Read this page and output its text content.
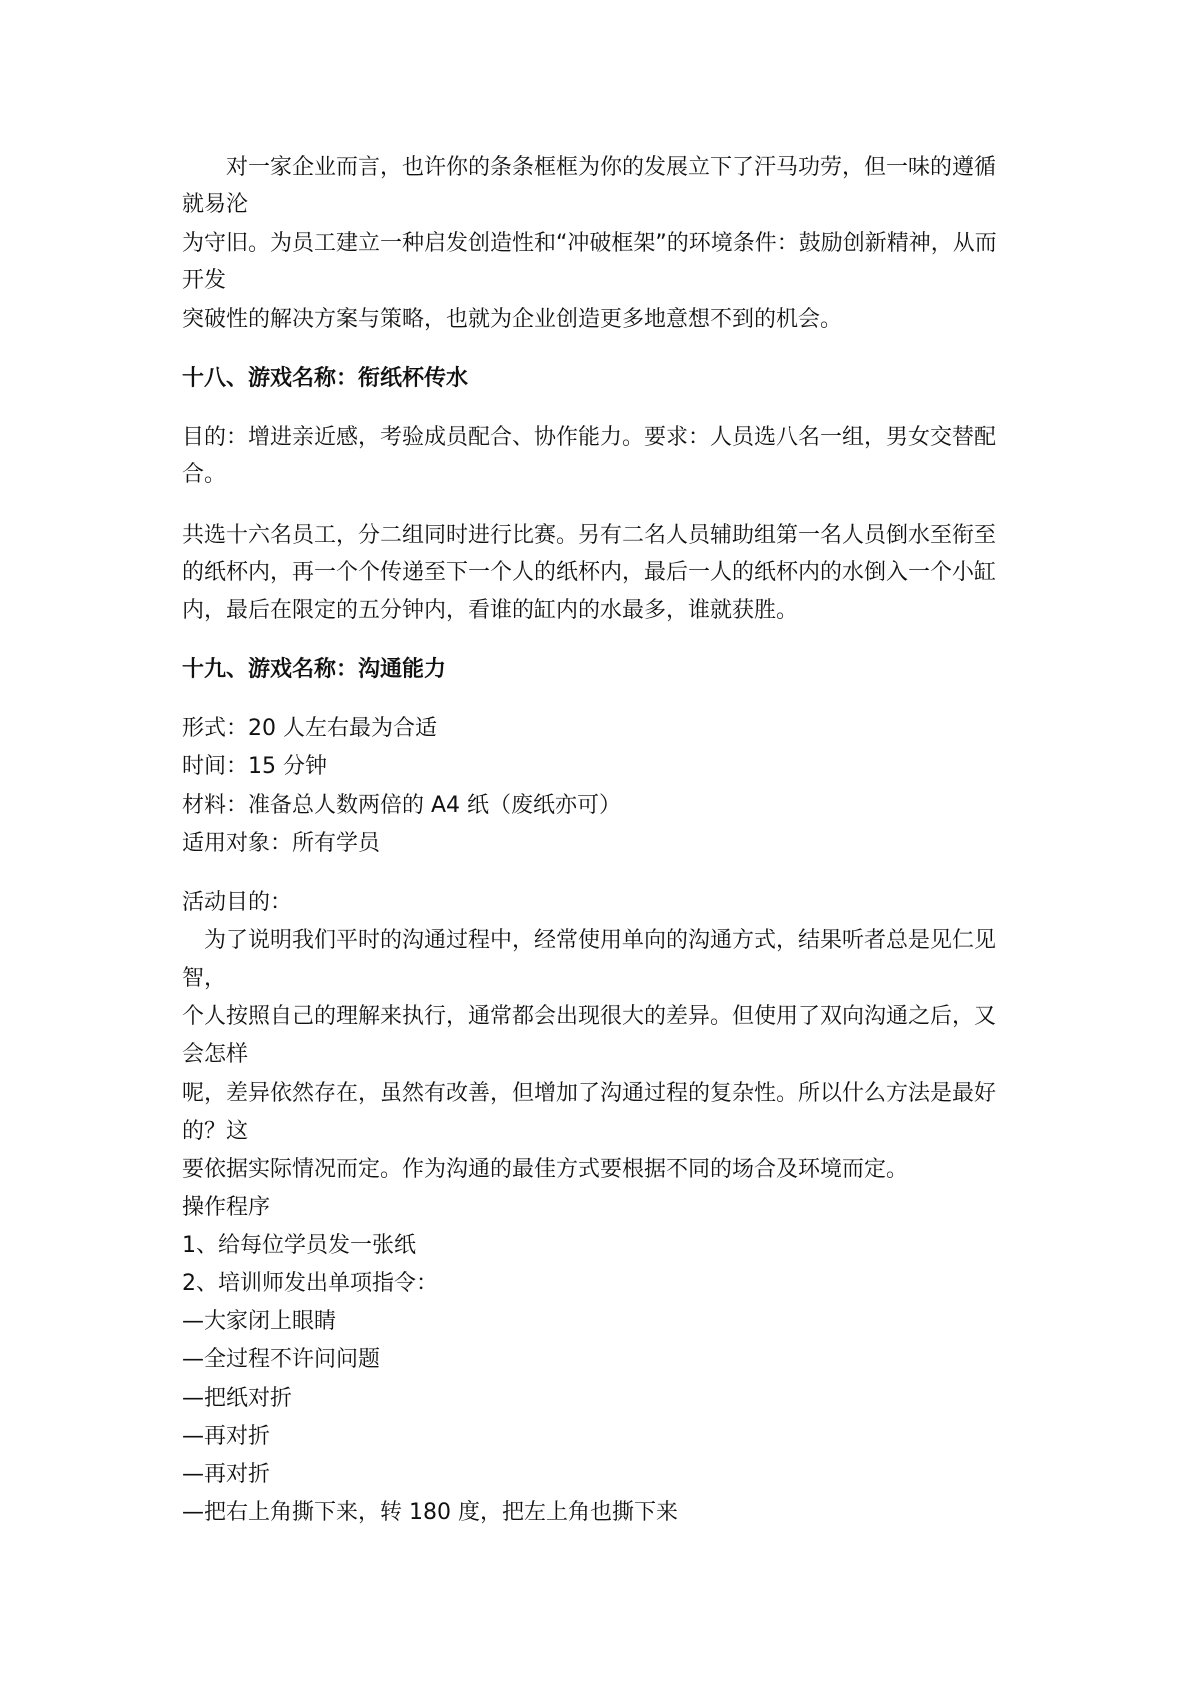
　　对一家企业而言，也许你的条条框框为你的发展立下了汗马功劳，但一味的遵循
就易沦
为守旧。为员工建立一种启发创造性和“冲破框架”的环境条件：鼓励创新精神，从而
开发
突破性的解决方案与策略，也就为企业创造更多地意想不到的机会。
十八、游戏名称：衔纸杯传水
目的：增进亲近感，考验成员配合、协作能力。要求：人员选八名一组，男女交替配
合。
共选十六名员工，分二组同时进行比赛。另有二名人员辅助组第一名人员倒水至衔至
的纸杯内，再一个个传递至下一个人的纸杯内，最后一人的纸杯内的水倒入一个小缸
内，最后在限定的五分钟内，看谁的缸内的水最多，谁就获胜。
十九、游戏名称：沟通能力
形式：20 人左右最为合适
时间：15 分钟
材料：准备总人数两倍的 A4 纸（废纸亦可）
适用对象：所有学员
活动目的：
　为了说明我们平时的沟通过程中，经常使用单向的沟通方式，结果听者总是见仁见
智，
个人按照自己的理解来执行，通常都会出现很大的差异。但使用了双向沟通之后，又
会怎样
呢，差异依然存在，虽然有改善，但增加了沟通过程的复杂性。所以什么方法是最好
的？这
要依据实际情况而定。作为沟通的最佳方式要根据不同的场合及环境而定。
操作程序
1、给每位学员发一张纸
2、培训师发出单项指令：
—大家闭上眼睛
—全过程不许问问题
—把纸对折
—再对折
—再对折
—把右上角撕下来，转 180 度，把左上角也撕下来
